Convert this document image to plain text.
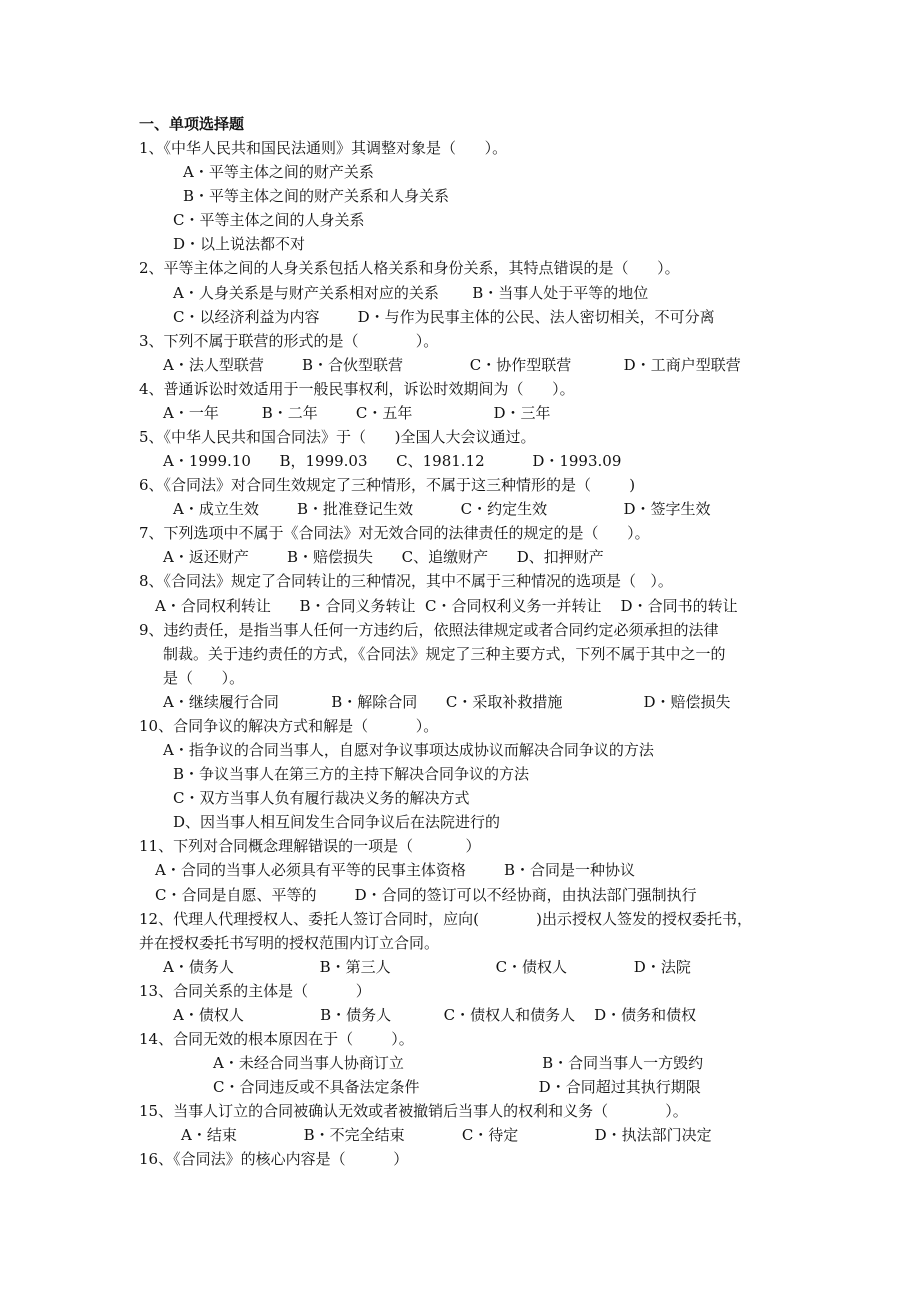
一、单项选择题
1、《中华人民共和国民法通则》其调整对象是（      ）。
A・平等主体之间的财产关系
B・平等主体之间的财产关系和人身关系
C・平等主体之间的人身关系
D・以上说法都不对
2、平等主体之间的人身关系包括人格关系和身份关系，其特点错误的是（      ）。
A・人身关系是与财产关系相对应的关系       B・当事人处于平等的地位
C・以经济利益为内容        D・与作为民事主体的公民、法人密切相关，不可分离
3、下列不属于联营的形式的是（            ）。
A・法人型联营        B・合伙型联营              C・协作型联营           D・工商户型联营
4、普通诉讼时效适用于一般民事权利，诉讼时效期间为（      ）。
A・一年         B・二年        C・五年                 D・三年
5、《中华人民共和国合同法》于（      )全国人大会议通过。
A・1999.10      B，1999.03      C、1981.12          D・1993.09
6、《合同法》对合同生效规定了三种情形，不属于这三种情形的是（        )
A・成立生效        B・批准登记生效          C・约定生效                D・签字生效
7、下列选项中不属于《合同法》对无效合同的法律责任的规定的是（      ）。
A・返还财产        B・赔偿损失      C、追缴财产      D、扣押财产
8、《合同法》规定了合同转让的三种情况，其中不属于三种情况的选项是（   ）。
A・合同权利转让      B・合同义务转让  C・合同权利义务一并转让    D・合同书的转让
9、违约责任，是指当事人任何一方违约后，依照法律规定或者合同约定必须承担的法律
制裁。关于违约责任的方式，《合同法》规定了三种主要方式，下列不属于其中之一的
是（      ）。
A・继续履行合同           B・解除合同      C・采取补救措施                 D・赔偿损失
10、合同争议的解决方式和解是（          ）。
A・指争议的合同当事人，自愿对争议事项达成协议而解决合同争议的方法
B・争议当事人在第三方的主持下解决合同争议的方法
C・双方当事人负有履行裁决义务的解决方式
D、因当事人相互间发生合同争议后在法院进行的
11、下列对合同概念理解错误的一项是（           ）
A・合同的当事人必须具有平等的民事主体资格        B・合同是一种协议
C・合同是自愿、平等的        D・合同的签订可以不经协商，由执法部门强制执行
12、代理人代理授权人、委托人签订合同时，应向(            )出示授权人签发的授权委托书，
并在授权委托书写明的授权范围内订立合同。
A・债务人                  B・第三人                      C・债权人              D・法院
13、合同关系的主体是（          ）
A・债权人                B・债务人           C・债权人和债务人    D・债务和债权
14、合同无效的根本原因在于（        ）。
A・未经合同当事人协商订立                             B・合同当事人一方毁约
C・合同违反或不具备法定条件                         D・合同超过其执行期限
15、当事人订立的合同被确认无效或者被撤销后当事人的权利和义务（            ）。
A・结束              B・不完全结束            C・待定                D・执法部门决定
16、《合同法》的核心内容是（          ）
